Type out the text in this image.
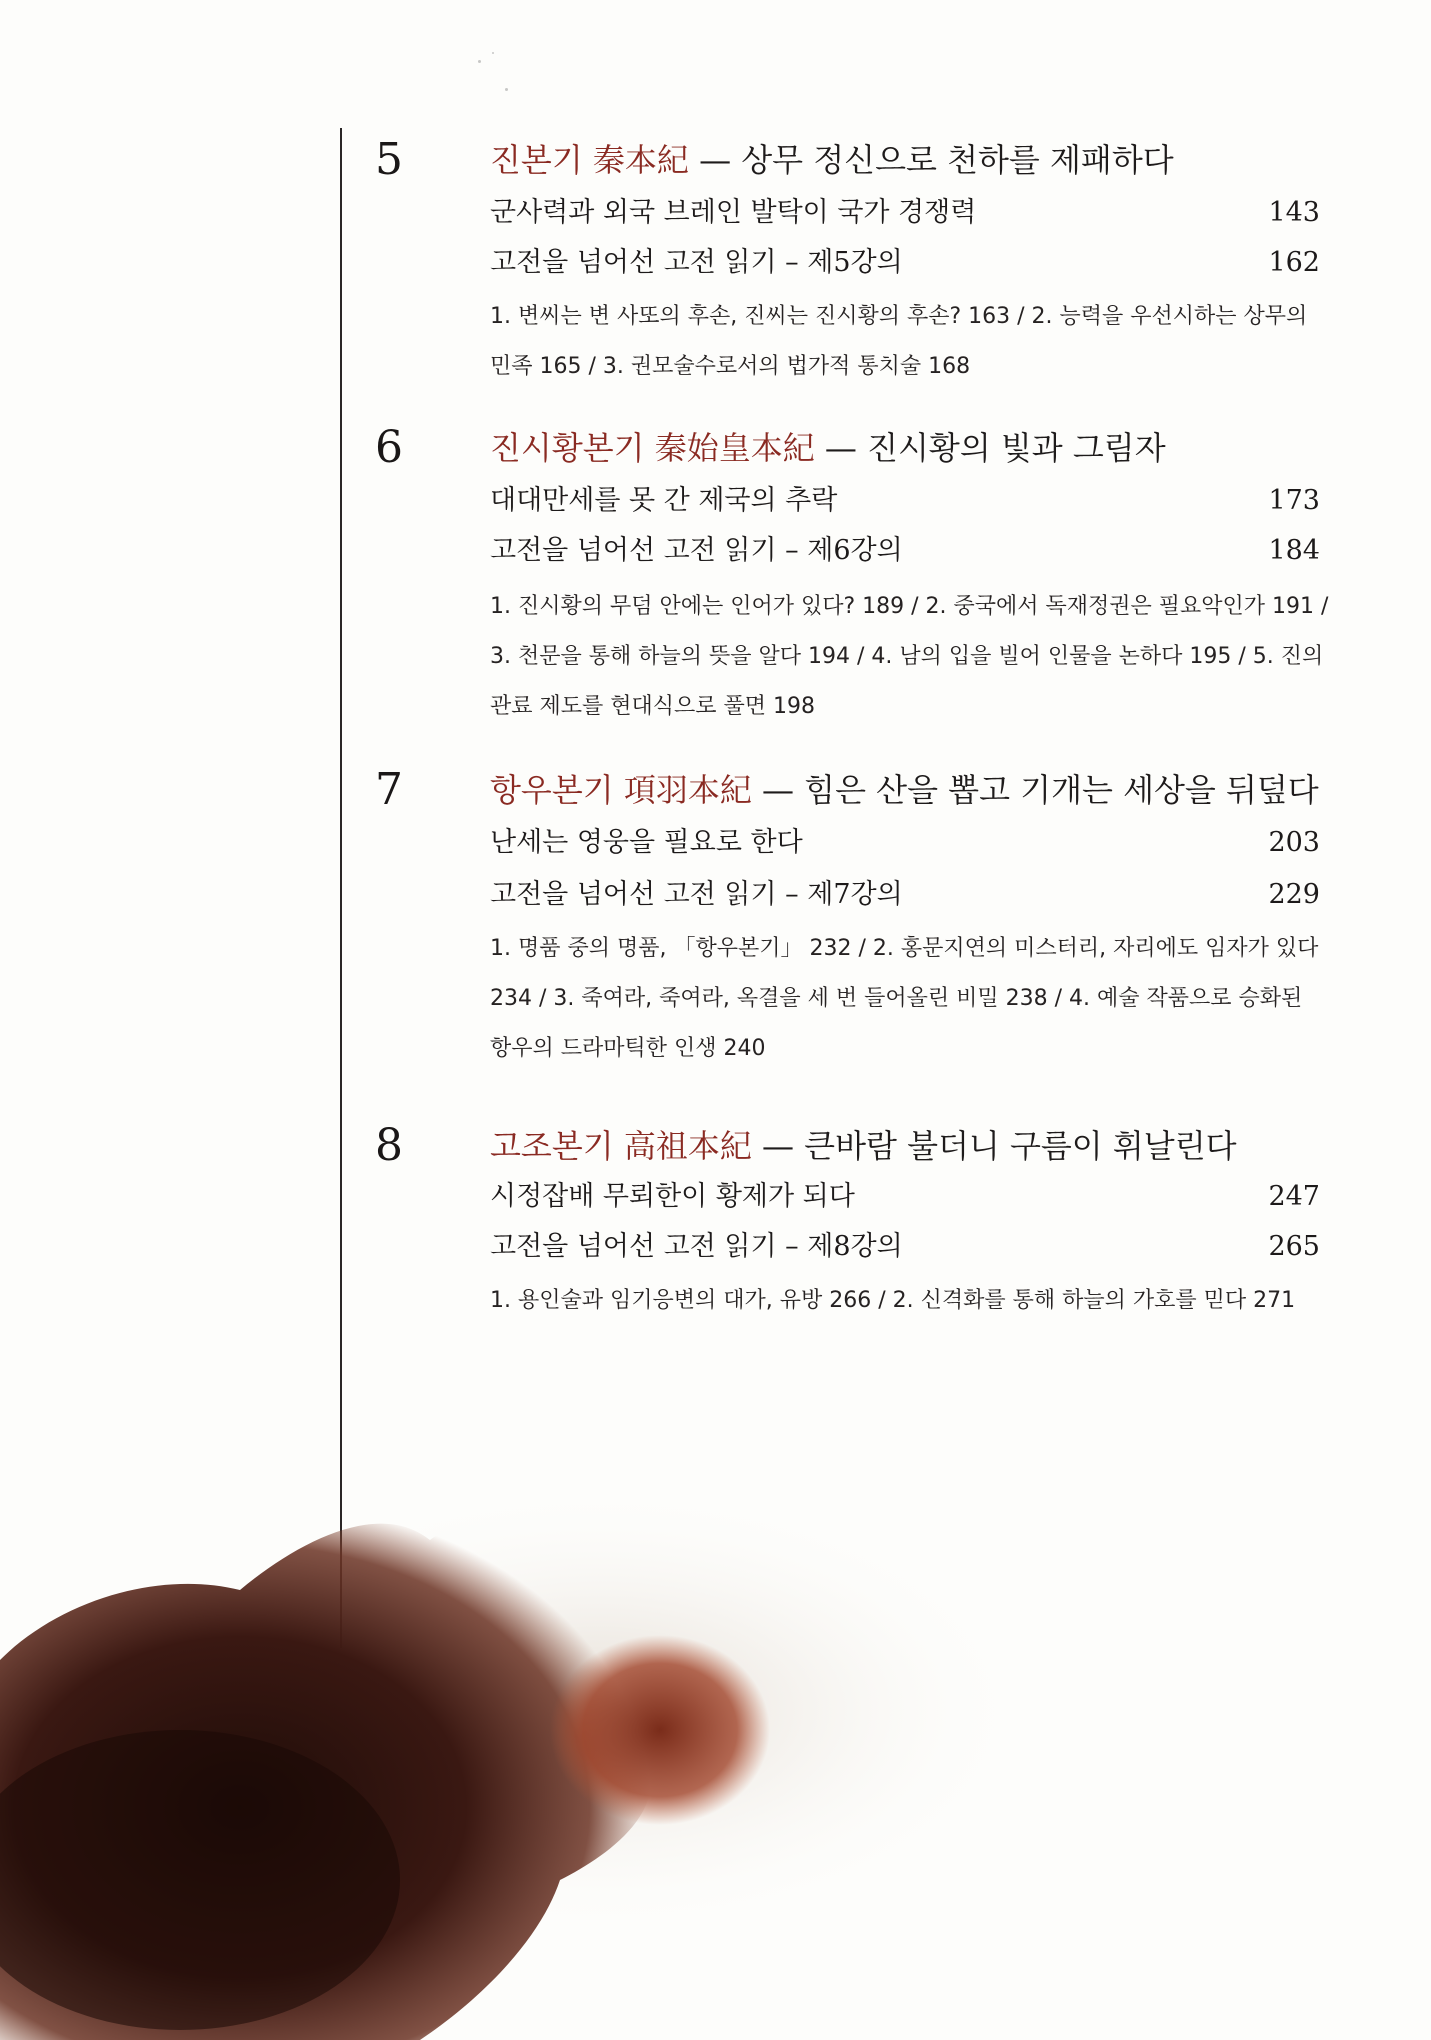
5	진본기 秦本紀 — 상무 정신으로 천하를 제패하다
군사력과 외국 브레인 발탁이 국가 경쟁력	143
고전을 넘어선 고전 읽기 – 제5강의	162
1. 변씨는 변 사또의 후손, 진씨는 진시황의 후손? 163 / 2. 능력을 우선시하는 상무의 민족 165 / 3. 권모술수로서의 법가적 통치술 168
6	진시황본기 秦始皇本紀 — 진시황의 빛과 그림자
대대만세를 못 간 제국의 추락	173
고전을 넘어선 고전 읽기 – 제6강의	184
1. 진시황의 무덤 안에는 인어가 있다? 189 / 2. 중국에서 독재정권은 필요악인가 191 / 3. 천문을 통해 하늘의 뜻을 알다 194 / 4. 남의 입을 빌어 인물을 논하다 195 / 5. 진의 관료 제도를 현대식으로 풀면 198
7	항우본기 項羽本紀 — 힘은 산을 뽑고 기개는 세상을 뒤덮다
난세는 영웅을 필요로 한다	203
고전을 넘어선 고전 읽기 – 제7강의	229
1. 명품 중의 명품, 「항우본기」 232 / 2. 홍문지연의 미스터리, 자리에도 임자가 있다 234 / 3. 죽여라, 죽여라, 옥결을 세 번 들어올린 비밀 238 / 4. 예술 작품으로 승화된 항우의 드라마틱한 인생 240
8	고조본기 高祖本紀 — 큰바람 불더니 구름이 휘날린다
시정잡배 무뢰한이 황제가 되다	247
고전을 넘어선 고전 읽기 – 제8강의	265
1. 용인술과 임기응변의 대가, 유방 266 / 2. 신격화를 통해 하늘의 가호를 믿다 271
